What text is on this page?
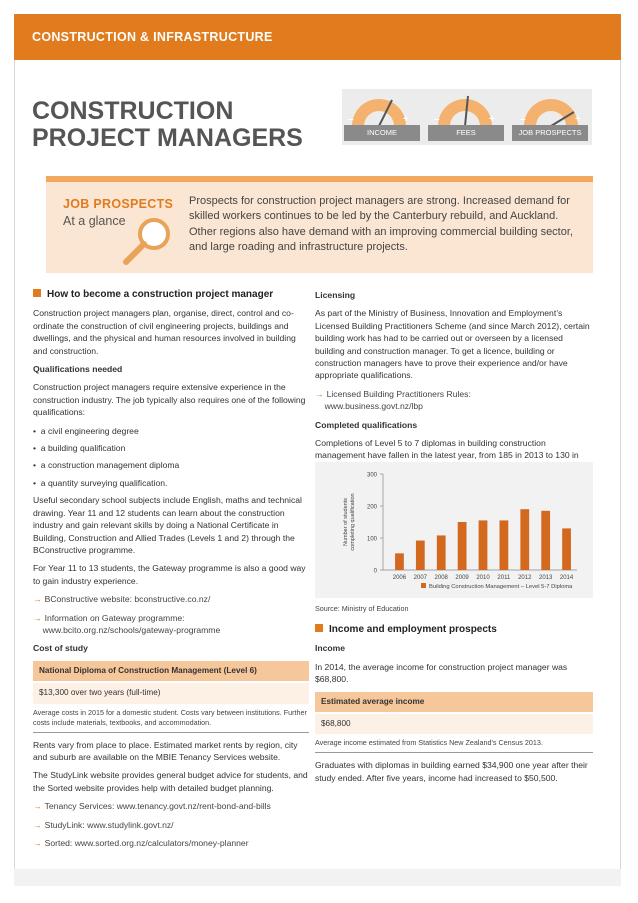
CONSTRUCTION & INFRASTRUCTURE
CONSTRUCTION
PROJECT MANAGERS
–	+	–	+	–	+
INCOME	FEES	JOB PROSPECTS
JOB PROSPECTS
At a glance
Prospects for construction project managers are strong. Increased demand for skilled workers continues to be led by the Canterbury rebuild, and Auckland. Other regions also have demand with an improving commercial building sector, and large roading and infrastructure projects.

How to become a construction project manager

Construction project managers plan, organise, direct, control and co-ordinate the construction of civil engineering projects, buildings and dwellings, and the physical and human resources involved in building and construction.

Qualifications needed

Construction project managers require extensive experience in the construction industry. The job typically also requires one of the following qualifications:

•  a civil engineering degree
•  a building qualification
•  a construction management diploma
•  a quantity surveying qualification.

Useful secondary school subjects include English, maths and technical drawing. Year 11 and 12 students can learn about the construction industry and gain relevant skills by doing a National Certificate in Building, Construction and Allied Trades (Levels 1 and 2) through the BConstructive programme.

For Year 11 to 13 students, the Gateway programme is also a good way to gain industry experience.

→ BConstructive website: bconstructive.co.nz/

→ Information on Gateway programme:
www.bcito.org.nz/schools/gateway-programme

Cost of study

National Diploma of Construction Management (Level 6)
$13,300 over two years (full-time)
Average costs in 2015 for a domestic student. Costs vary between institutions. Further costs include materials, textbooks, and accommodation.

Rents vary from place to place. Estimated market rents by region, city and suburb are available on the MBIE Tenancy Services website.

The StudyLink website provides general budget advice for students, and the Sorted website provides help with detailed budget planning.

→ Tenancy Services: www.tenancy.govt.nz/rent-bond-and-bills

→ StudyLink: www.studylink.govt.nz/

→ Sorted: www.sorted.org.nz/calculators/money-planner

Licensing

As part of the Ministry of Business, Innovation and Employment’s Licensed Building Practitioners Scheme (and since March 2012), certain building work has had to be carried out or overseen by a licensed building and construction manager. To get a licence, building or construction managers have to prove their experience and/or have appropriate qualifications.

→ Licensed Building Practitioners Rules:
www.business.govt.nz/lbp

Completed qualifications

Completions of Level 5 to 7 diplomas in building construction management have fallen in the latest year, from 185 in 2013 to 130 in

0
100
200
300
Number of students completing qualification
2006 2007 2008 2009 2010 2011 2012 2013 2014
Building Construction Management – Level 5-7 Diploma

Source: Ministry of Education

Income and employment prospects

Income

In 2014, the average income for construction project manager was $68,800.

Estimated average income
$68,800
Average income estimated from Statistics New Zealand’s Census 2013.

Graduates with diplomas in building earned $34,900 one year after their study ended. After five years, income had increased to $50,500.
